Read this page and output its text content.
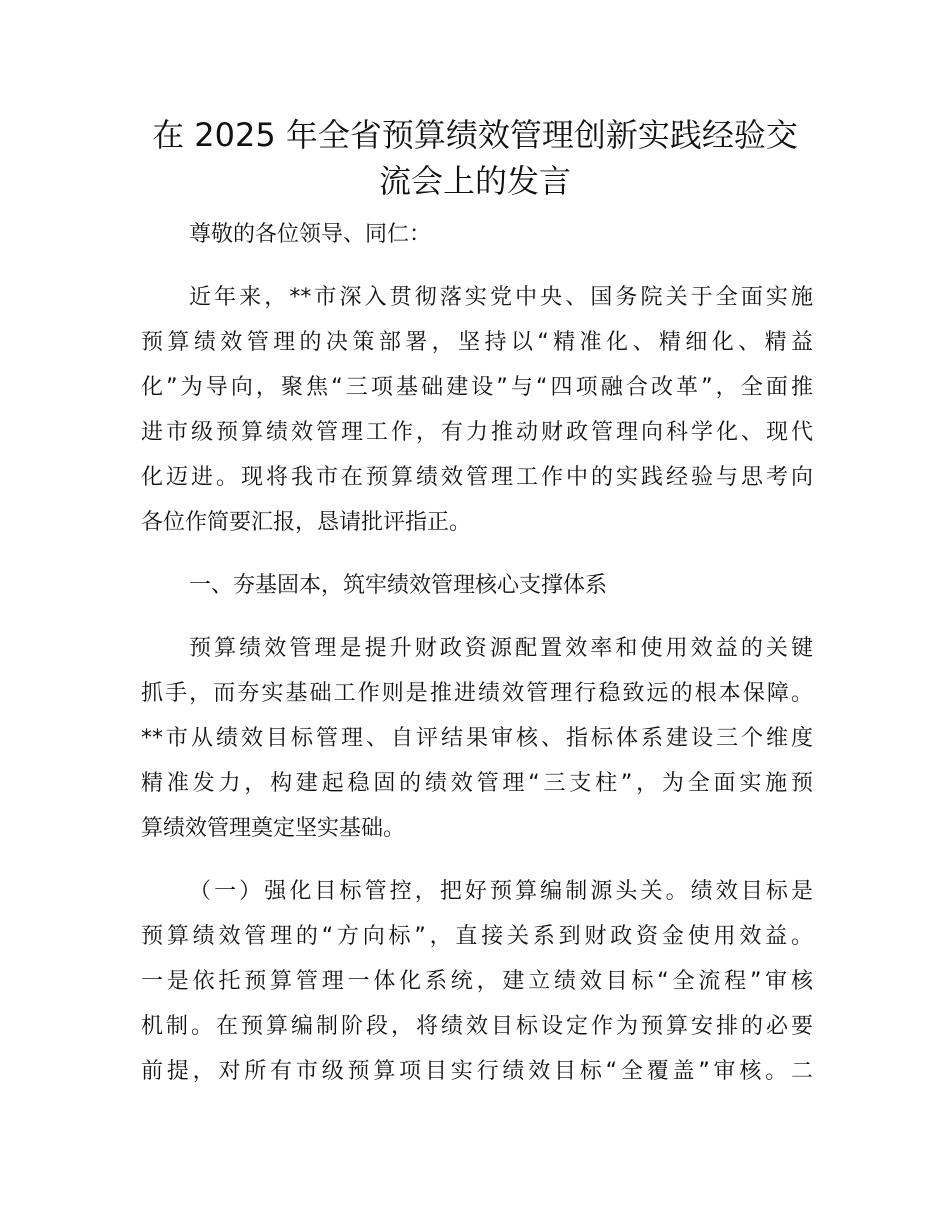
在 2025 年全省预算绩效管理创新实践经验交
流会上的发言
尊敬的各位领导、同仁：
近年来，**市深入贯彻落实党中央、国务院关于全面实施
预算绩效管理的决策部署，坚持以“精准化、精细化、精益
化”为导向，聚焦“三项基础建设”与“四项融合改革”，全面推
进市级预算绩效管理工作，有力推动财政管理向科学化、现代
化迈进。现将我市在预算绩效管理工作中的实践经验与思考向
各位作简要汇报，恳请批评指正。
一、夯基固本，筑牢绩效管理核心支撑体系
预算绩效管理是提升财政资源配置效率和使用效益的关键
抓手，而夯实基础工作则是推进绩效管理行稳致远的根本保障。
**市从绩效目标管理、自评结果审核、指标体系建设三个维度
精准发力，构建起稳固的绩效管理“三支柱”，为全面实施预
算绩效管理奠定坚实基础。
（一）强化目标管控，把好预算编制源头关。绩效目标是
预算绩效管理的“方向标”，直接关系到财政资金使用效益。
一是依托预算管理一体化系统，建立绩效目标“全流程”审核
机制。在预算编制阶段，将绩效目标设定作为预算安排的必要
前提，对所有市级预算项目实行绩效目标“全覆盖”审核。二
